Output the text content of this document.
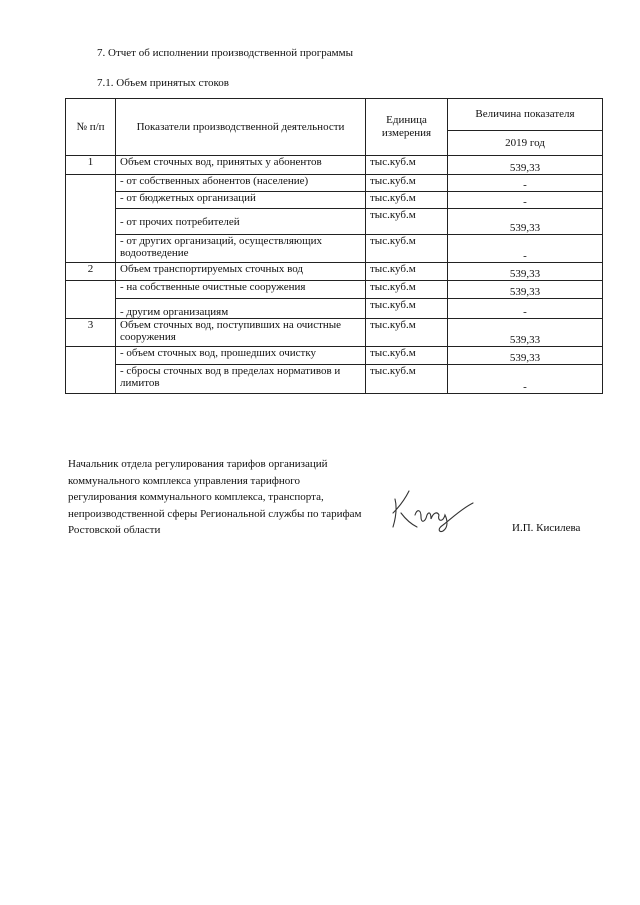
7. Отчет об исполнении производственной программы
7.1. Объем принятых стоков
№ п/п	Показатели производственной деятельности	Единица измерения	Величина показателя
			2019 год
1	Объем сточных вод, принятых у абонентов	тыс.куб.м	539,33
	- от собственных абонентов (население)	тыс.куб.м	-
	- от бюджетных организаций	тыс.куб.м	-
	- от прочих потребителей	тыс.куб.м	539,33
	- от других организаций, осуществляющих водоотведение	тыс.куб.м	-
2	Объем транспортируемых сточных вод	тыс.куб.м	539,33
	- на собственные очистные сооружения	тыс.куб.м	539,33
	- другим организациям	тыс.куб.м	-
3	Объем сточных вод, поступивших на очистные сооружения	тыс.куб.м	539,33
	- объем сточных вод, прошедших очистку	тыс.куб.м	539,33
	- сбросы сточных вод в пределах нормативов и лимитов	тыс.куб.м	-
Начальник отдела регулирования тарифов организаций коммунального комплекса управления тарифного регулирования коммунального комплекса, транспорта, непроизводственной сферы Региональной службы по тарифам Ростовской области	И.П. Кисилева
